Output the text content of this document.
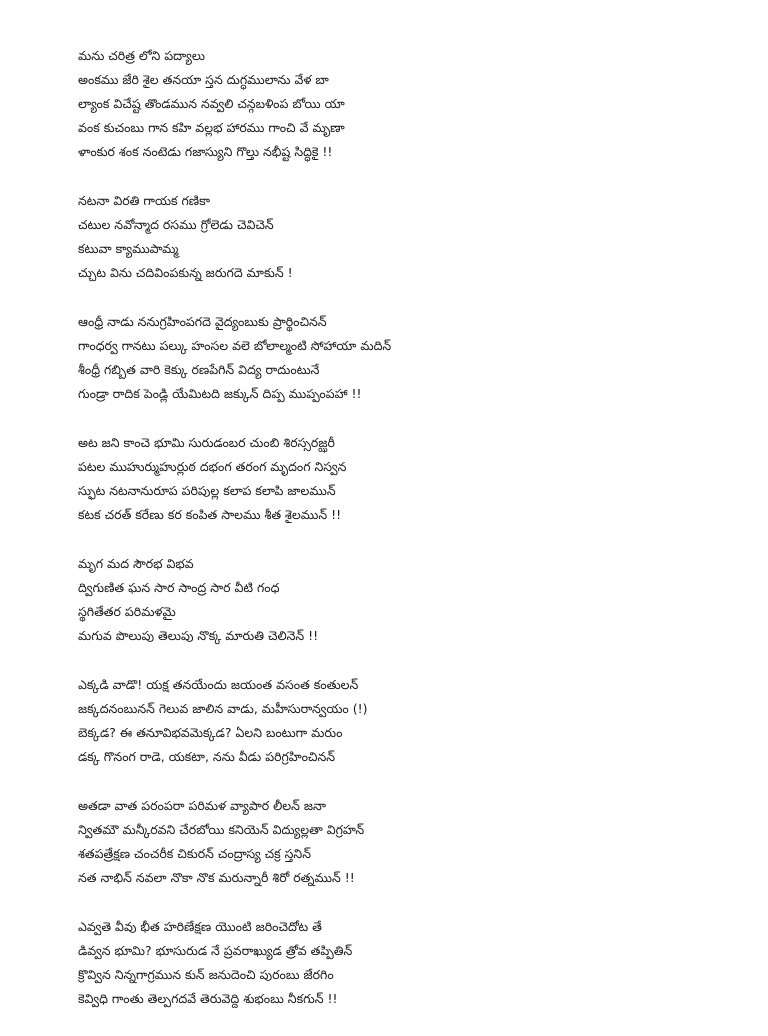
మను చరిత్ర లోని పద్యాలు
అంకము జేరి శైల తనయా స్తన దుగ్ధములాను వేళ బా
ల్యాంక విచేష్ట తొండమున నవ్వలి చన్గబళింప బోయి యా
వంక కుచంబు గాన కహి వల్లభ హారము గాంచి వే మృణా
ళాంకుర శంక నంటెడు గజాస్యుని గొల్తు నభీష్ట సిద్ధికై !!
నటనా విరతి గాయక గణికా
చటుల నవోన్మాద రసము గ్రోలెడు చెవిచెన్
కటువా క్యాముపామ్మ
చ్చుట విను చదివింపకున్న జరుగదె మాకున్ !
ఆంధ్రీ నాడు ననుగ్రహింపగదె వైద్యంబుకు ప్రార్థించినన్
గాంధర్వ గానటు పల్కు హంసల వలె బోలాల్మంటి సోహాయా మదిన్
శీంధ్రీ గబ్బిత వారి కెక్కు రణపేగిన్ విద్య రాదుంటునే
గుండ్రా రాదిక పెండ్లి యేమిటది జక్కున్ దిప్ప ముప్పంపహా !!
అట జని కాంచె భూమి సురుడంబర చుంబి శిరస్సరజ్ఝరీ
పటల ముహుర్ముహుర్లుఠ దభంగ తరంగ మృదంగ నిస్వన
స్ఫుట నటనానురూప పరిపుల్ల కలాప కలాపి జాలమున్
కటక చరత్ కరేణు కర కంపిత సాలము శీత శైలమున్ !!
మృగ మద సౌరభ విభవ
ద్విగుణిత ఘన సార సాంద్ర సార వీటి గంధ
స్థగితేతర పరిమళమై
మగువ పొలుపు తెలుపు నొక్క మారుతి చెలినెన్ !!
ఎక్కడి వాడొ! యక్ష తనయేందు జయంత వసంత కంతులన్
జక్కదనంబునన్ గెలువ జాలిన వాడు, మహీసురాన్వయం (!)
బెక్కడ? ఈ తనూవిభవమెక్కడ? ఏలని బంటుగా మరుం
డక్క గొనంగ రాడె, యకటా, నను వీడు పరిగ్రహించినన్
అతడా వాత పరంపరా పరిమళ వ్యాపార లీలన్ జనా
న్వితమౌ మన్కీరవని చేరబోయి కనియెన్ విద్యుల్లతా విగ్రహన్
శతపత్రేక్షణ చంచరీక చికురన్ చంద్రాస్య చక్ర స్తనిన్
నత నాభిన్ నవలా నొకా నొక మరున్నారీ శిరో రత్నమున్ !!
ఎవ్వతె వీవు భీత హరిణేక్షణ యొంటి జరించెదోట తే
డివ్వన భూమి? భూసురుడ నే ప్రవరాఖ్యుడ త్రోవ తప్పితిన్
క్రొవ్విన నిన్నగాగ్రమున కున్ జనుదెంచి పురంబు జేరగిం
కెవ్విధి గాంతు తెల్పగదవే తెరువెద్ది శుభంబు నీకగున్ !!
